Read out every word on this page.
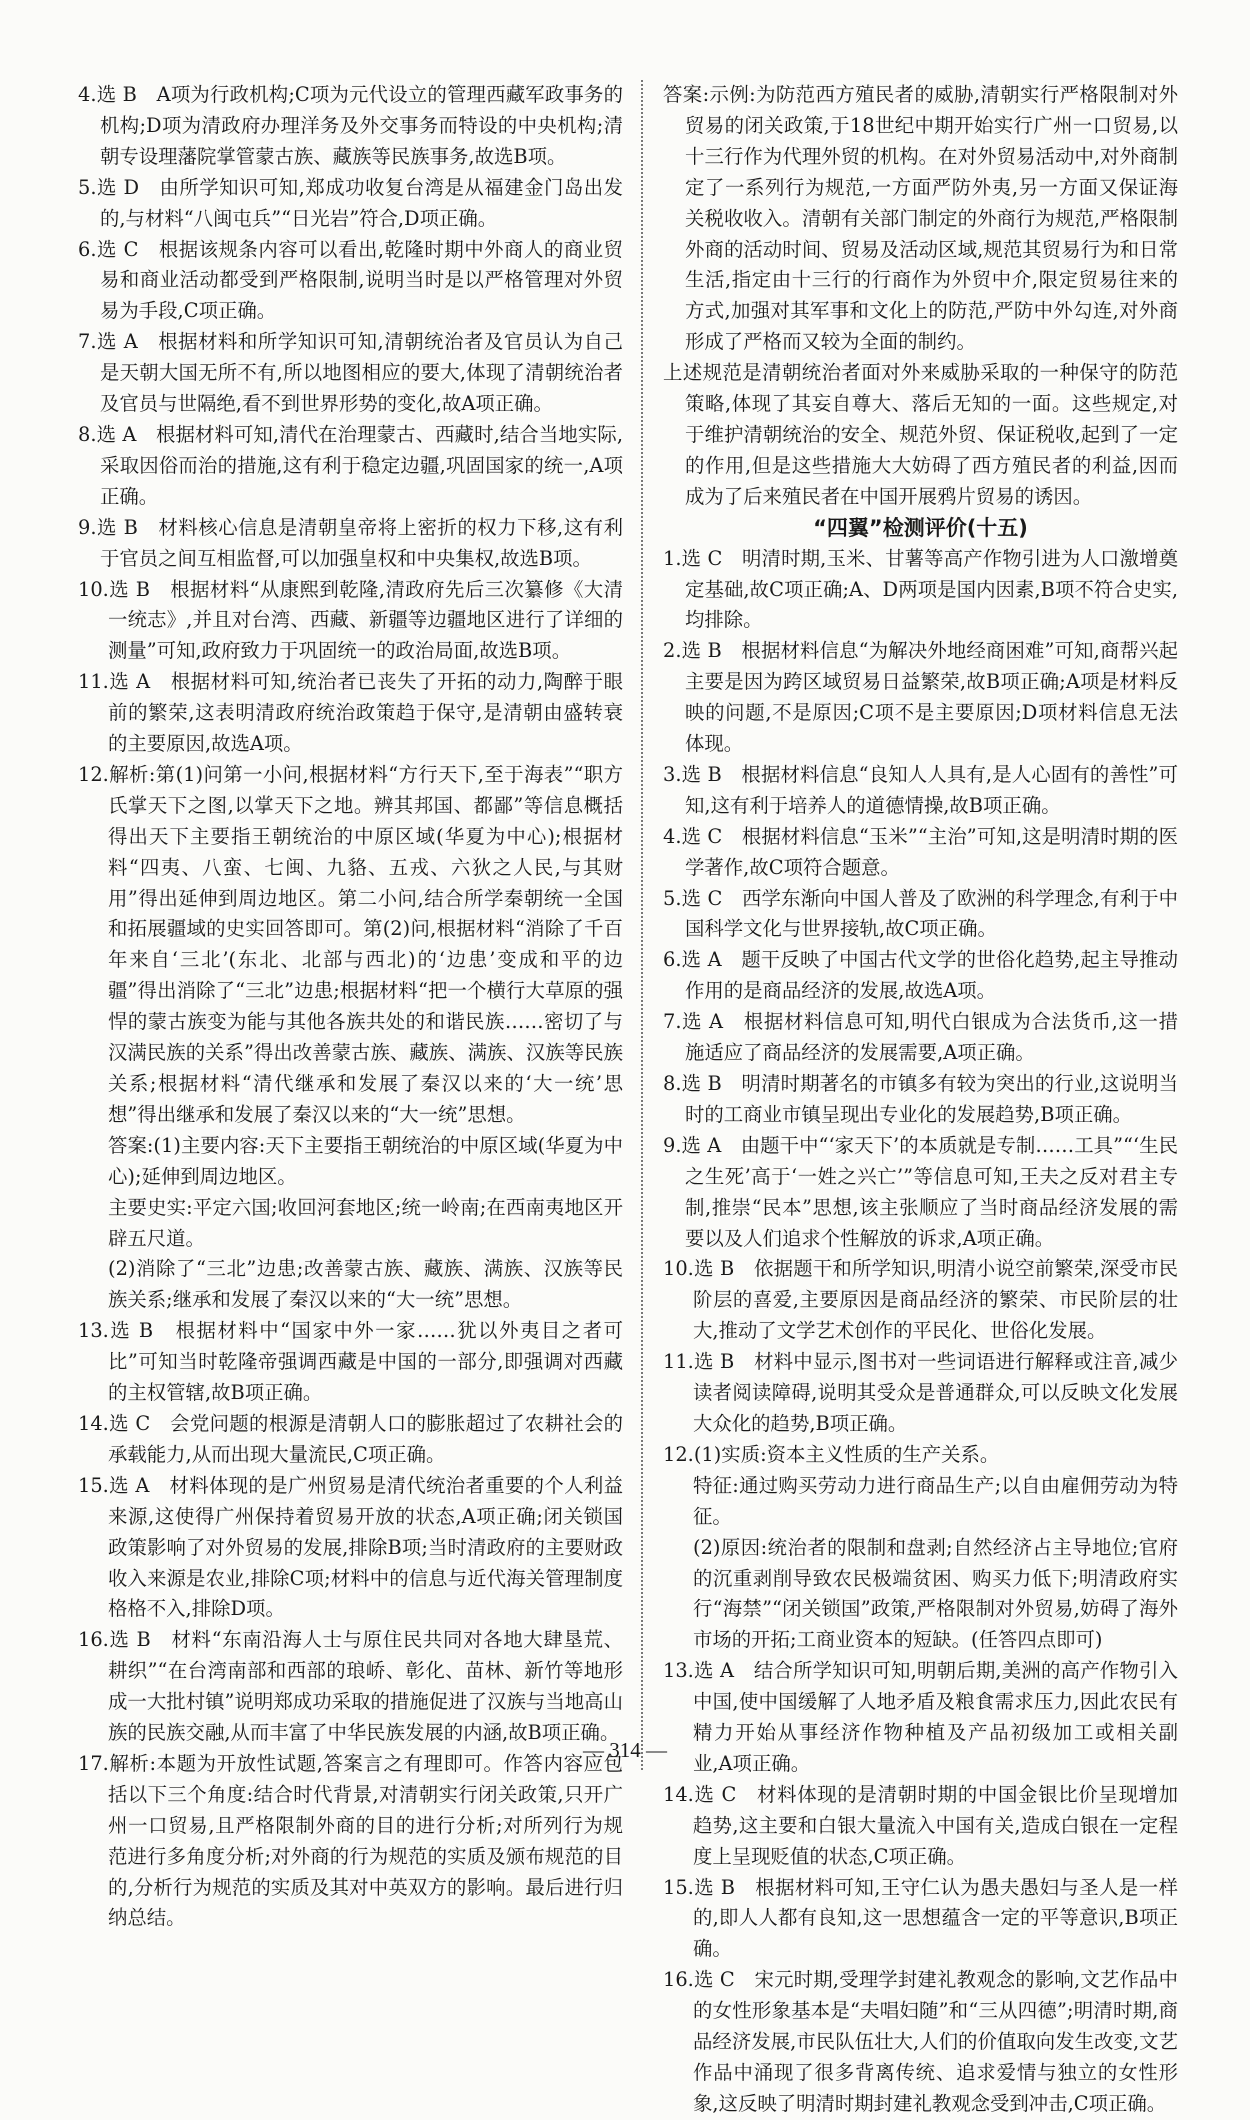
4.选 B　A项为行政机构;C项为元代设立的管理西藏军政事务的机构;D项为清政府办理洋务及外交事务而特设的中央机构;清朝专设理藩院掌管蒙古族、藏族等民族事务,故选B项。

5.选 D　由所学知识可知,郑成功收复台湾是从福建金门岛出发的,与材料“八闽屯兵”“日光岩”符合,D项正确。

6.选 C　根据该规条内容可以看出,乾隆时期中外商人的商业贸易和商业活动都受到严格限制,说明当时是以严格管理对外贸易为手段,C项正确。

7.选 A　根据材料和所学知识可知,清朝统治者及官员认为自己是天朝大国无所不有,所以地图相应的要大,体现了清朝统治者及官员与世隔绝,看不到世界形势的变化,故A项正确。

8.选 A　根据材料可知,清代在治理蒙古、西藏时,结合当地实际,采取因俗而治的措施,这有利于稳定边疆,巩固国家的统一,A项正确。

9.选 B　材料核心信息是清朝皇帝将上密折的权力下移,这有利于官员之间互相监督,可以加强皇权和中央集权,故选B项。

10.选 B　根据材料“从康熙到乾隆,清政府先后三次纂修《大清一统志》,并且对台湾、西藏、新疆等边疆地区进行了详细的测量”可知,政府致力于巩固统一的政治局面,故选B项。

11.选 A　根据材料可知,统治者已丧失了开拓的动力,陶醉于眼前的繁荣,这表明清政府统治政策趋于保守,是清朝由盛转衰的主要原因,故选A项。

12.解析:第(1)问第一小问,根据材料“方行天下,至于海表”“职方氏掌天下之图,以掌天下之地。辨其邦国、都鄙”等信息概括得出天下主要指王朝统治的中原区域(华夏为中心);根据材料“四夷、八蛮、七闽、九貉、五戎、六狄之人民,与其财用”得出延伸到周边地区。第二小问,结合所学秦朝统一全国和拓展疆域的史实回答即可。第(2)问,根据材料“消除了千百年来自‘三北’(东北、北部与西北)的‘边患’变成和平的边疆”得出消除了“三北”边患;根据材料“把一个横行大草原的强悍的蒙古族变为能与其他各族共处的和谐民族……密切了与汉满民族的关系”得出改善蒙古族、藏族、满族、汉族等民族关系;根据材料“清代继承和发展了秦汉以来的‘大一统’思想”得出继承和发展了秦汉以来的“大一统”思想。

答案:(1)主要内容:天下主要指王朝统治的中原区域(华夏为中心);延伸到周边地区。

主要史实:平定六国;收回河套地区;统一岭南;在西南夷地区开辟五尺道。

(2)消除了“三北”边患;改善蒙古族、藏族、满族、汉族等民族关系;继承和发展了秦汉以来的“大一统”思想。

13.选 B　根据材料中“国家中外一家……犹以外夷目之者可比”可知当时乾隆帝强调西藏是中国的一部分,即强调对西藏的主权管辖,故B项正确。

14.选 C　会党问题的根源是清朝人口的膨胀超过了农耕社会的承载能力,从而出现大量流民,C项正确。

15.选 A　材料体现的是广州贸易是清代统治者重要的个人利益来源,这使得广州保持着贸易开放的状态,A项正确;闭关锁国政策影响了对外贸易的发展,排除B项;当时清政府的主要财政收入来源是农业,排除C项;材料中的信息与近代海关管理制度格格不入,排除D项。

16.选 B　材料“东南沿海人士与原住民共同对各地大肆垦荒、耕织”“在台湾南部和西部的琅峤、彰化、苗林、新竹等地形成一大批村镇”说明郑成功采取的措施促进了汉族与当地高山族的民族交融,从而丰富了中华民族发展的内涵,故B项正确。

17.解析:本题为开放性试题,答案言之有理即可。作答内容应包括以下三个角度:结合时代背景,对清朝实行闭关政策,只开广州一口贸易,且严格限制外商的目的进行分析;对所列行为规范进行多角度分析;对外商的行为规范的实质及颁布规范的目的,分析行为规范的实质及其对中英双方的影响。最后进行归纳总结。

答案:示例:为防范西方殖民者的威胁,清朝实行严格限制对外贸易的闭关政策,于18世纪中期开始实行广州一口贸易,以十三行作为代理外贸的机构。在对外贸易活动中,对外商制定了一系列行为规范,一方面严防外夷,另一方面又保证海关税收收入。清朝有关部门制定的外商行为规范,严格限制外商的活动时间、贸易及活动区域,规范其贸易行为和日常生活,指定由十三行的行商作为外贸中介,限定贸易往来的方式,加强对其军事和文化上的防范,严防中外勾连,对外商形成了严格而又较为全面的制约。

上述规范是清朝统治者面对外来威胁采取的一种保守的防范策略,体现了其妄自尊大、落后无知的一面。这些规定,对于维护清朝统治的安全、规范外贸、保证税收,起到了一定的作用,但是这些措施大大妨碍了西方殖民者的利益,因而成为了后来殖民者在中国开展鸦片贸易的诱因。

“四翼”检测评价(十五)

1.选 C　明清时期,玉米、甘薯等高产作物引进为人口激增奠定基础,故C项正确;A、D两项是国内因素,B项不符合史实,均排除。

2.选 B　根据材料信息“为解决外地经商困难”可知,商帮兴起主要是因为跨区域贸易日益繁荣,故B项正确;A项是材料反映的问题,不是原因;C项不是主要原因;D项材料信息无法体现。

3.选 B　根据材料信息“良知人人具有,是人心固有的善性”可知,这有利于培养人的道德情操,故B项正确。

4.选 C　根据材料信息“玉米”“主治”可知,这是明清时期的医学著作,故C项符合题意。

5.选 C　西学东渐向中国人普及了欧洲的科学理念,有利于中国科学文化与世界接轨,故C项正确。

6.选 A　题干反映了中国古代文学的世俗化趋势,起主导推动作用的是商品经济的发展,故选A项。

7.选 A　根据材料信息可知,明代白银成为合法货币,这一措施适应了商品经济的发展需要,A项正确。

8.选 B　明清时期著名的市镇多有较为突出的行业,这说明当时的工商业市镇呈现出专业化的发展趋势,B项正确。

9.选 A　由题干中“‘家天下’的本质就是专制……工具”“‘生民之生死’高于‘一姓之兴亡’”等信息可知,王夫之反对君主专制,推崇“民本”思想,该主张顺应了当时商品经济发展的需要以及人们追求个性解放的诉求,A项正确。

10.选 B　依据题干和所学知识,明清小说空前繁荣,深受市民阶层的喜爱,主要原因是商品经济的繁荣、市民阶层的壮大,推动了文学艺术创作的平民化、世俗化发展。

11.选 B　材料中显示,图书对一些词语进行解释或注音,减少读者阅读障碍,说明其受众是普通群众,可以反映文化发展大众化的趋势,B项正确。

12.(1)实质:资本主义性质的生产关系。

特征:通过购买劳动力进行商品生产;以自由雇佣劳动为特征。

(2)原因:统治者的限制和盘剥;自然经济占主导地位;官府的沉重剥削导致农民极端贫困、购买力低下;明清政府实行“海禁”“闭关锁国”政策,严格限制对外贸易,妨碍了海外市场的开拓;工商业资本的短缺。(任答四点即可)

13.选 A　结合所学知识可知,明朝后期,美洲的高产作物引入中国,使中国缓解了人地矛盾及粮食需求压力,因此农民有精力开始从事经济作物种植及产品初级加工或相关副业,A项正确。

14.选 C　材料体现的是清朝时期的中国金银比价呈现增加趋势,这主要和白银大量流入中国有关,造成白银在一定程度上呈现贬值的状态,C项正确。

15.选 B　根据材料可知,王守仁认为愚夫愚妇与圣人是一样的,即人人都有良知,这一思想蕴含一定的平等意识,B项正确。

16.选 C　宋元时期,受理学封建礼教观念的影响,文艺作品中的女性形象基本是“夫唱妇随”和“三从四德”;明清时期,商品经济发展,市民队伍壮大,人们的价值取向发生改变,文艺作品中涌现了很多背离传统、追求爱情与独立的女性形象,这反映了明清时期封建礼教观念受到冲击,C项正确。

— 314 —
